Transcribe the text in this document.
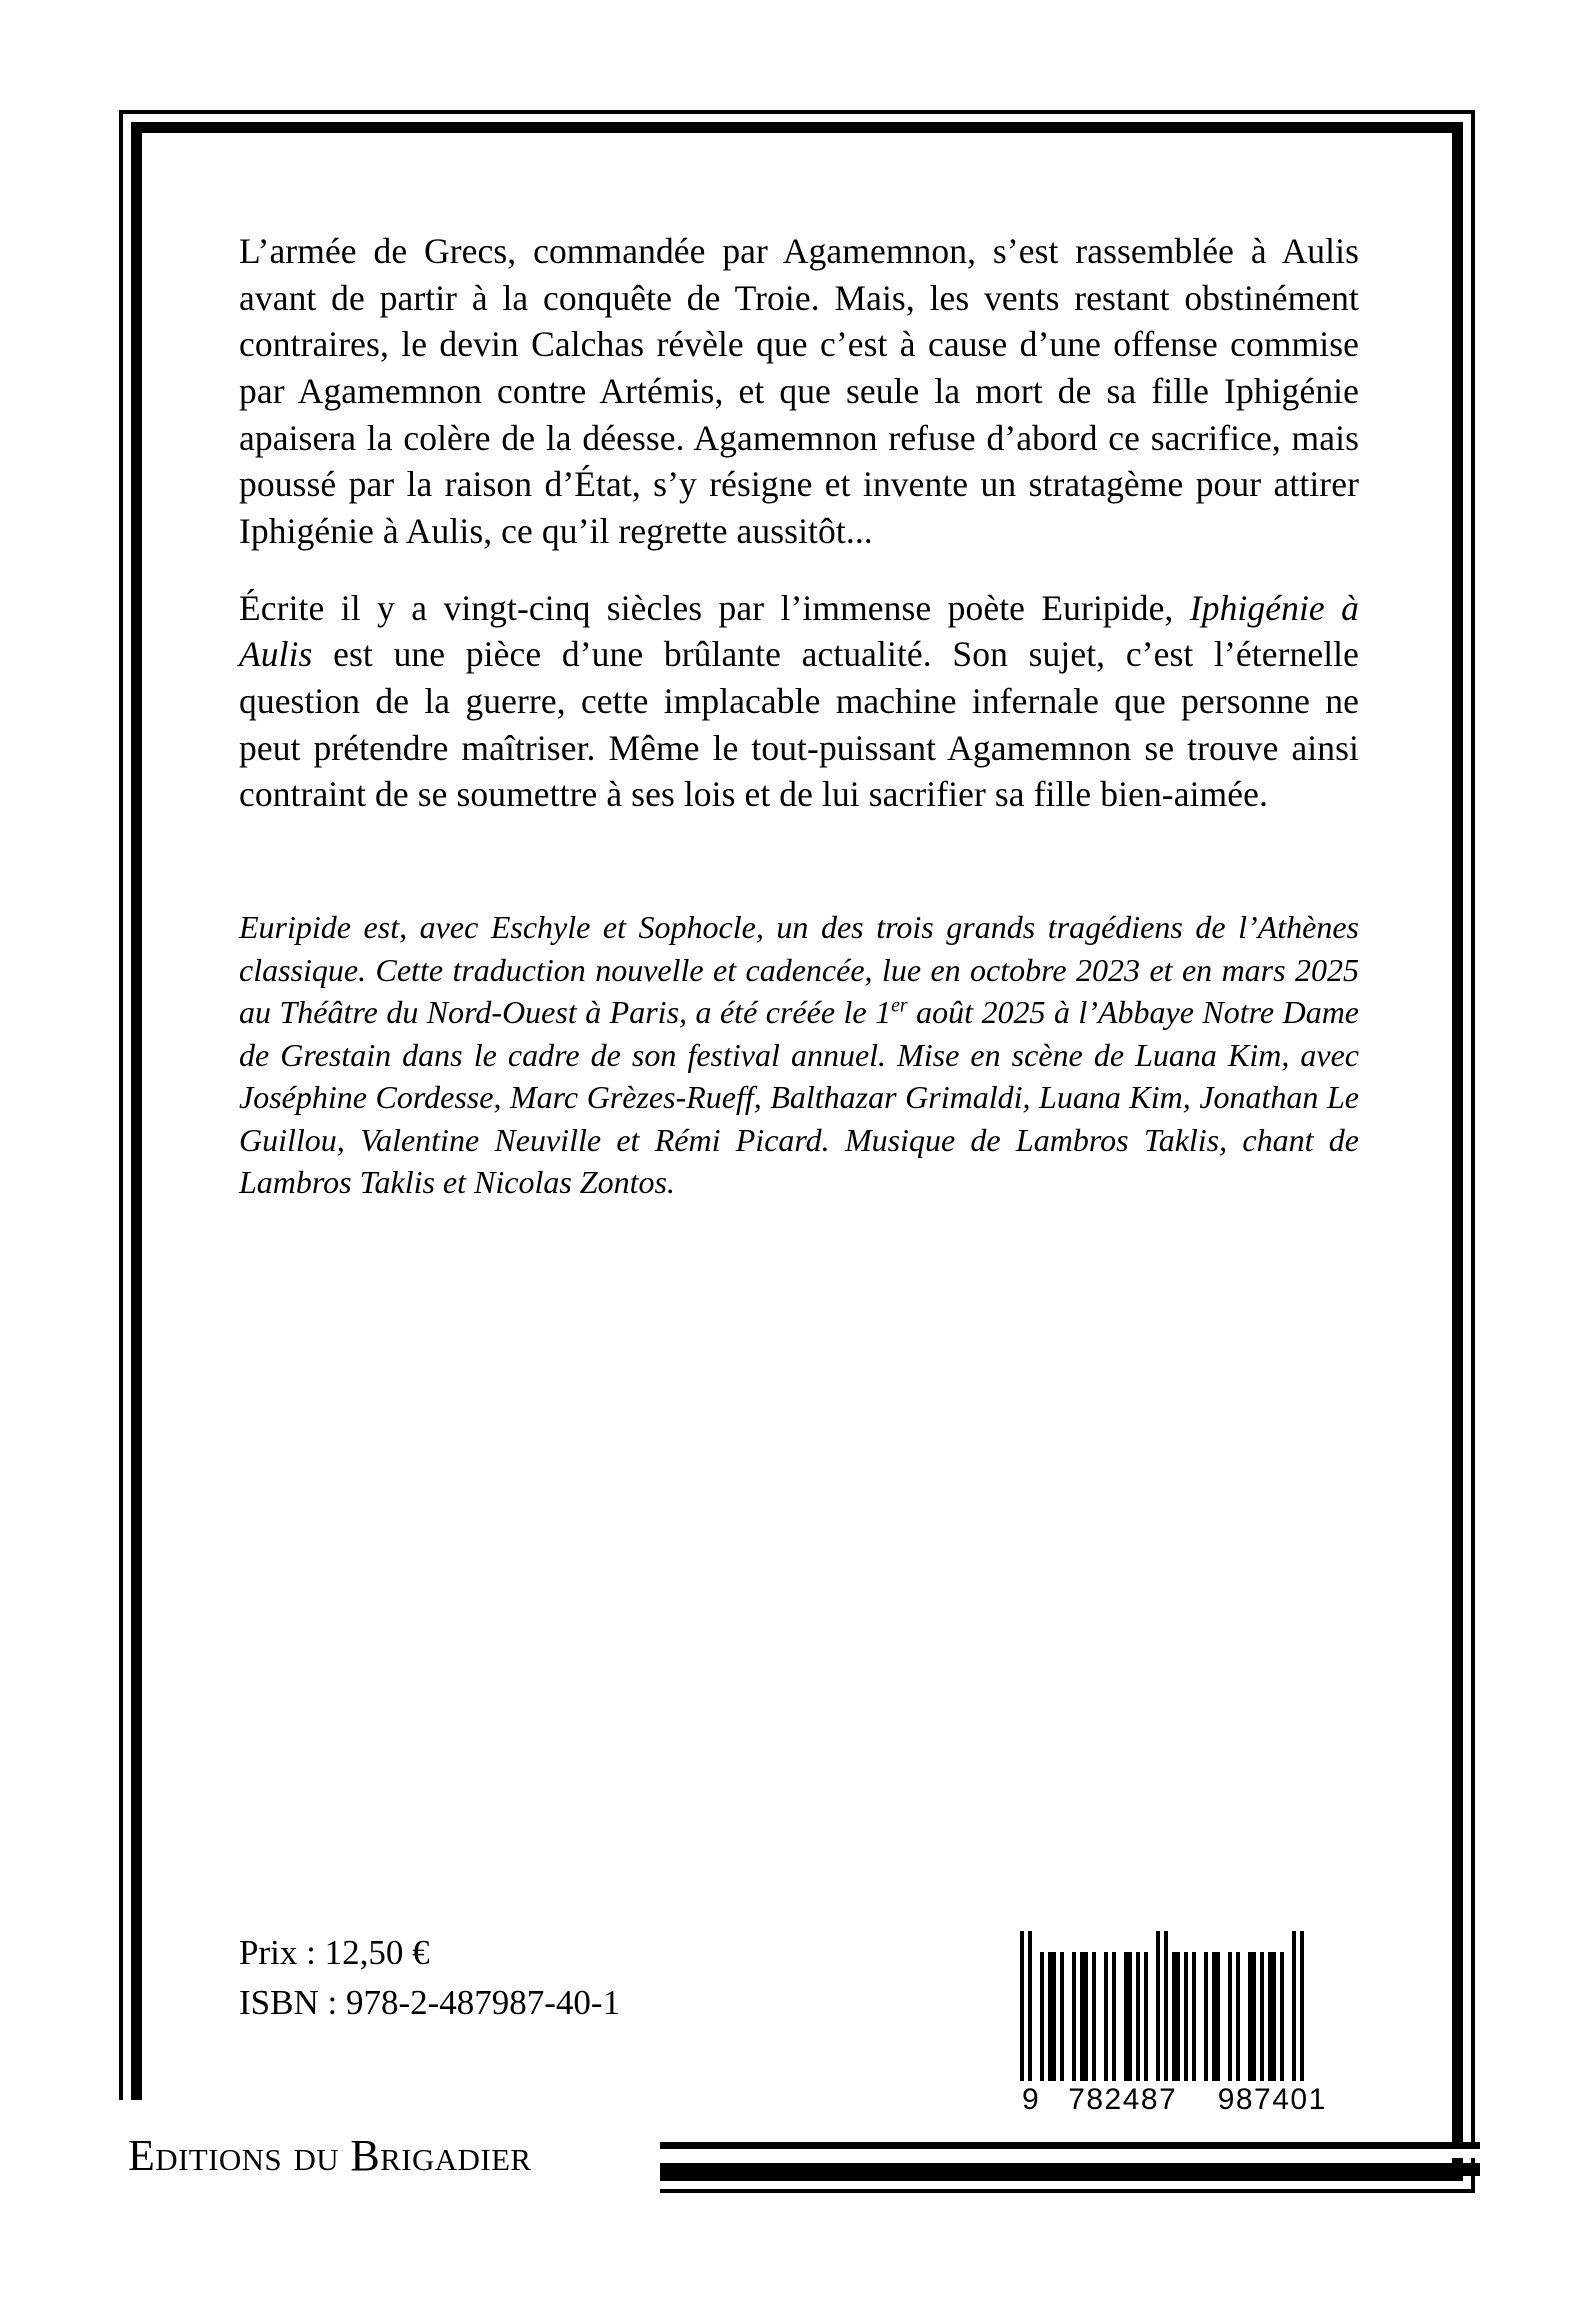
L’armée de Grecs, commandée par Agamemnon, s’est rassemblée à Aulis avant de partir à la conquête de Troie. Mais, les vents restant obstinément contraires, le devin Calchas révèle que c’est à cause d’une offense commise par Agamemnon contre Artémis, et que seule la mort de sa fille Iphigénie apaisera la colère de la déesse. Agamemnon refuse d’abord ce sacrifice, mais poussé par la raison d’État, s’y résigne et invente un stratagème pour attirer Iphigénie à Aulis, ce qu’il regrette aussitôt...

Écrite il y a vingt-cinq siècles par l’immense poète Euripide, Iphigénie à Aulis est une pièce d’une brûlante actualité. Son sujet, c’est l’éternelle question de la guerre, cette implacable machine infernale que personne ne peut prétendre maîtriser. Même le tout-puissant Agamemnon se trouve ainsi contraint de se soumettre à ses lois et de lui sacrifier sa fille bien-aimée.

Euripide est, avec Eschyle et Sophocle, un des trois grands tragédiens de l’Athènes classique. Cette traduction nouvelle et cadencée, lue en octobre 2023 et en mars 2025 au Théâtre du Nord-Ouest à Paris, a été créée le 1er août 2025 à l’Abbaye Notre Dame de Grestain dans le cadre de son festival annuel. Mise en scène de Luana Kim, avec Joséphine Cordesse, Marc Grèzes-Rueff, Balthazar Grimaldi, Luana Kim, Jonathan Le Guillou, Valentine Neuville et Rémi Picard. Musique de Lambros Taklis, chant de Lambros Taklis et Nicolas Zontos.

Prix : 12,50 €
ISBN : 978-2-487987-40-1
9 782487	987401
Editions du Brigadier
